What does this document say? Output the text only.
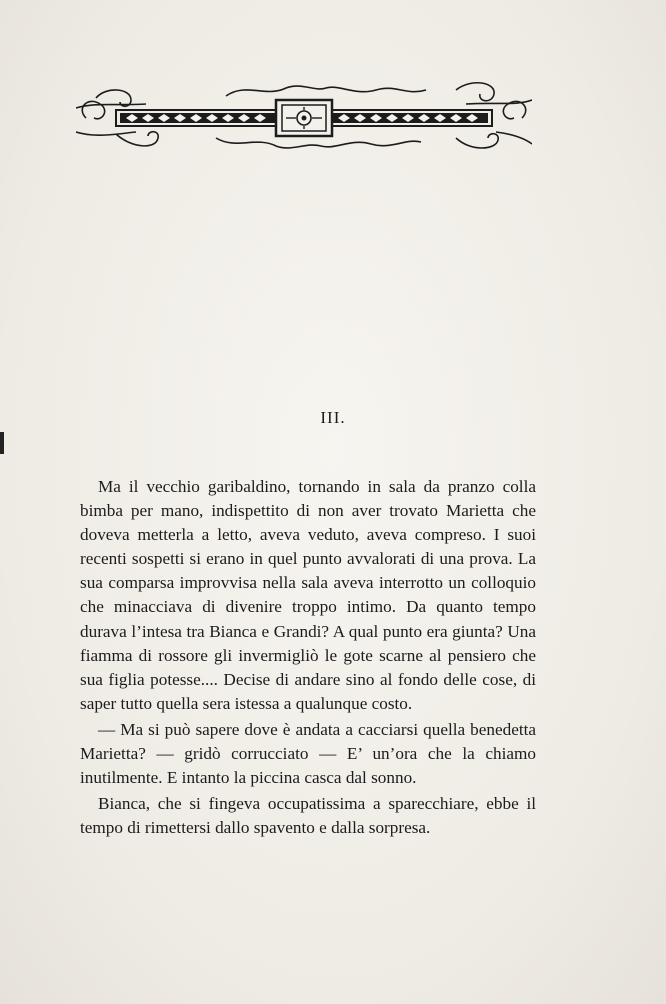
III.

Ma il vecchio garibaldino, tornando in sala da pranzo colla bimba per mano, indispettito di non aver trovato Marietta che doveva metterla a letto, aveva veduto, aveva compreso. I suoi recenti sospetti si erano in quel punto avvalorati di una prova. La sua comparsa improvvisa nella sala aveva interrotto un colloquio che minacciava di divenire troppo intimo. Da quanto tempo durava l’intesa tra Bianca e Grandi? A qual punto era giunta? Una fiamma di rossore gli invermigliò le gote scarne al pensiero che sua figlia potesse.... Decise di andare sino al fondo delle cose, di saper tutto quella sera istessa a qualunque costo.

— Ma si può sapere dove è andata a cacciarsi quella benedetta Marietta? — gridò corrucciato — E’ un’ora che la chiamo inutilmente. E intanto la piccina casca dal sonno.

Bianca, che si fingeva occupatissima a sparecchiare, ebbe il tempo di rimettersi dallo spavento e dalla sorpresa.
